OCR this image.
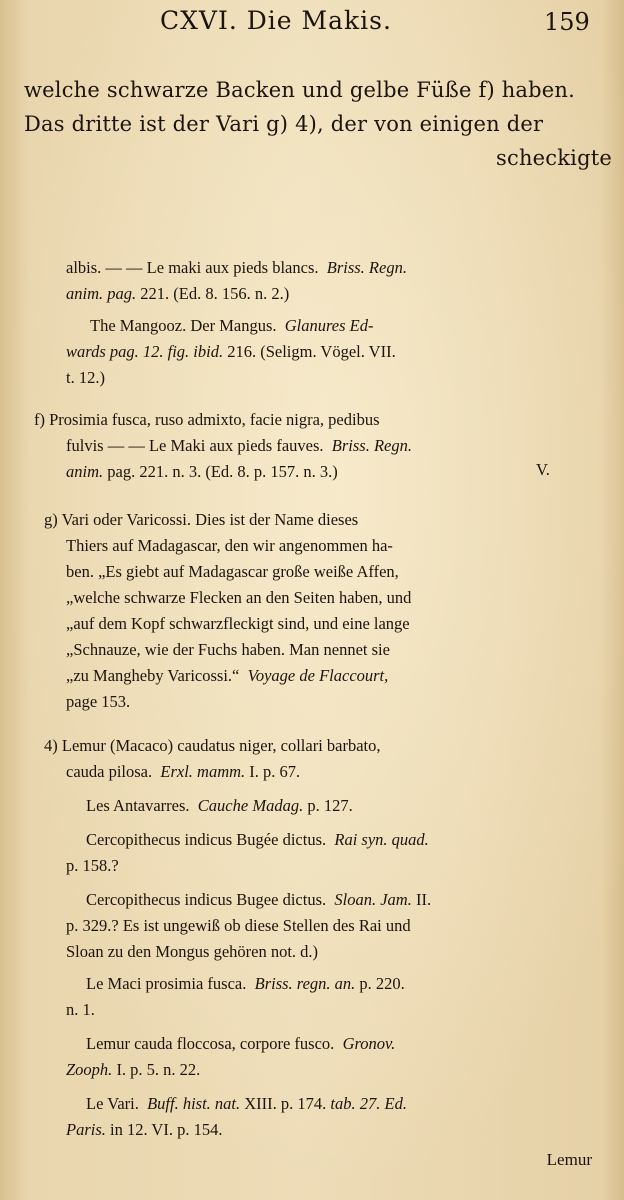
CXVI. Die Makis.	159
welche schwarze Backen und gelbe Füße f) haben.
Das dritte ist der Vari g) 4), der von einigen der
scheckigte
albis. — — Le maki aux pieds blancs. Briss. Regn.
anim. pag. 221. (Ed. 8. 156. n. 2.)
The Mangooz. Der Mangus. Glanures Ed-
wards pag. 12. fig. ibid. 216. (Seligm. Vögel. VII.
t. 12.)
f) Prosimia fusca, ruso admixto, facie nigra, pedibus
fulvis — — Le Maki aux pieds fauves. Briss. Regn.
anim. pag. 221. n. 3. (Ed. 8. p. 157. n. 3.)	V.
g) Vari oder Varicossi. Dies ist der Name dieses
Thiers auf Madagascar, den wir angenommen ha-
ben. „Es giebt auf Madagascar große weiße Affen,
„welche schwarze Flecken an den Seiten haben, und
„auf dem Kopf schwarzfleckigt sind, und eine lange
„Schnauze, wie der Fuchs haben. Man nennet sie
„zu Mangheby Varicossi.“ Voyage de Flaccourt,
page 153.
4) Lemur (Macaco) caudatus niger, collari barbato,
cauda pilosa. Erxl. mamm. I. p. 67.
Les Antavarres. Cauche Madag. p. 127.
Cercopithecus indicus Bugée dictus. Rai syn. quad.
p. 158.?
Cercopithecus indicus Bugee dictus. Sloan. Jam. II.
p. 329.? Es ist ungewiß ob diese Stellen des Rai und
Sloan zu den Mongus gehören not. d.)
Le Maci prosimia fusca. Briss. regn. an. p. 220.
n. 1.
Lemur cauda floccosa, corpore fusco. Gronov.
Zooph. I. p. 5. n. 22.
Le Vari. Buff. hist. nat. XIII. p. 174. tab. 27. Ed.
Paris. in 12. VI. p. 154.
Lemur
